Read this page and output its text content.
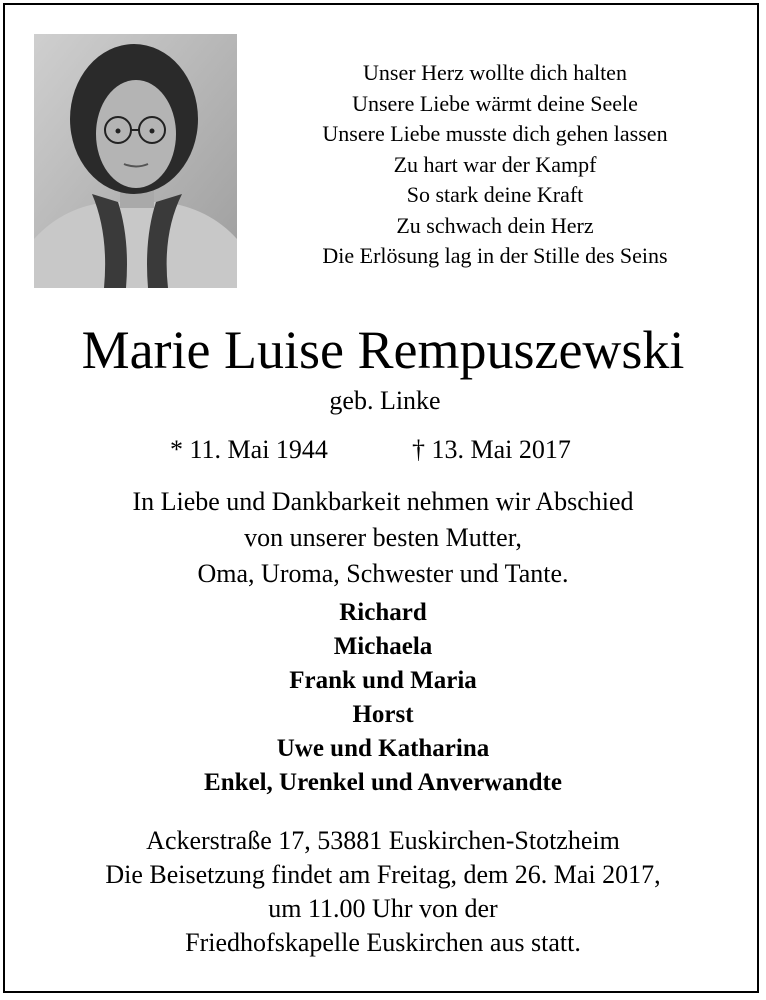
Unser Herz wollte dich halten
Unsere Liebe wärmt deine Seele
Unsere Liebe musste dich gehen lassen
Zu hart war der Kampf
So stark deine Kraft
Zu schwach dein Herz
Die Erlösung lag in der Stille des Seins
Marie Luise Rempuszewski
geb. Linke
* 11. Mai 1944	† 13. Mai 2017
In Liebe und Dankbarkeit nehmen wir Abschied
von unserer besten Mutter,
Oma, Uroma, Schwester und Tante.
Richard
Michaela
Frank und Maria
Horst
Uwe und Katharina
Enkel, Urenkel und Anverwandte
Ackerstraße 17, 53881 Euskirchen-Stotzheim
Die Beisetzung findet am Freitag, dem 26. Mai 2017,
um 11.00 Uhr von der
Friedhofskapelle Euskirchen aus statt.
